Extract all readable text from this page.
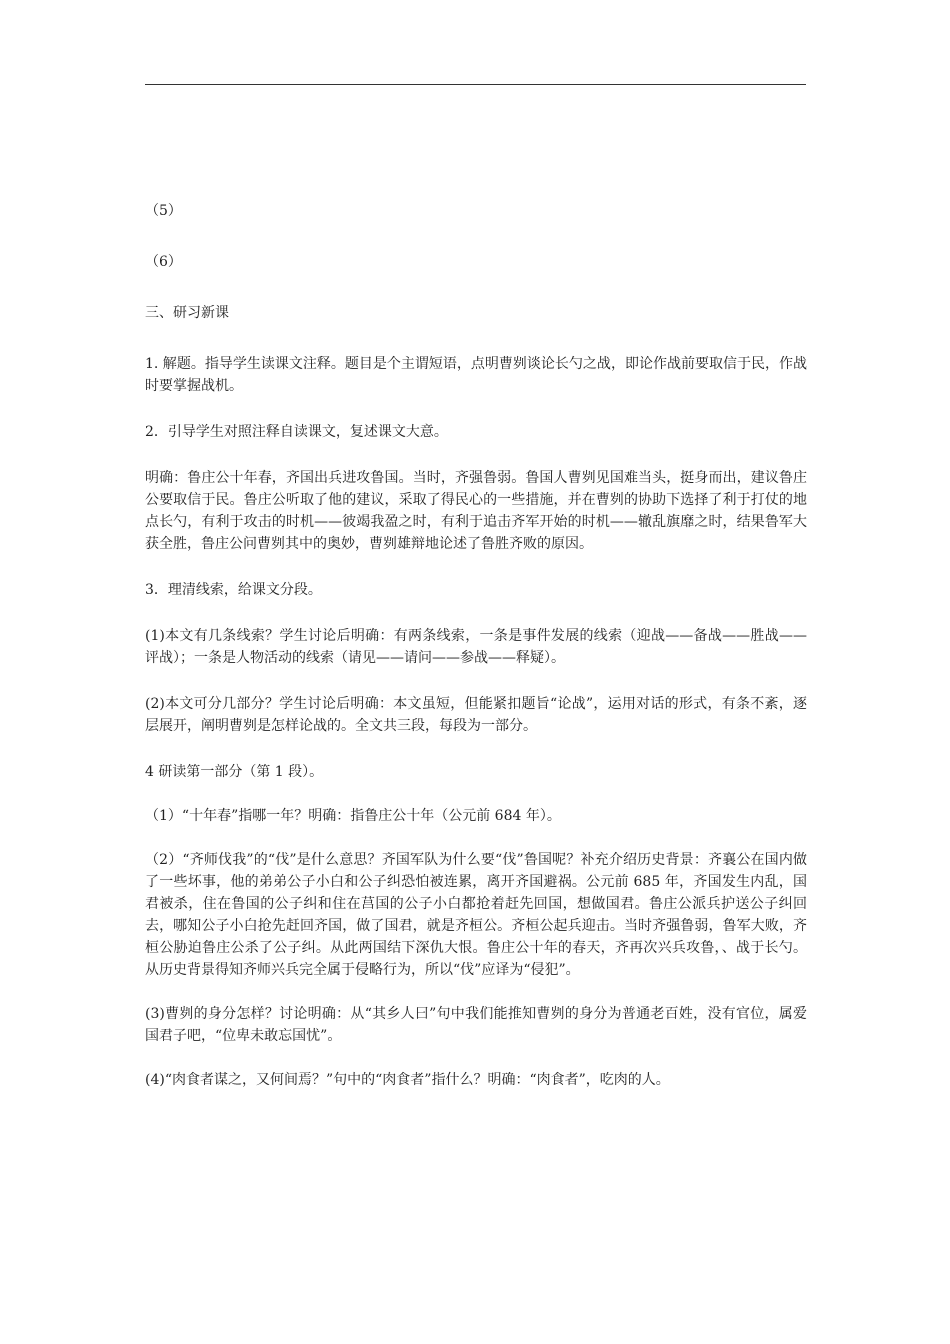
（5）

（6）

三、研习新课

1. 解题。指导学生读课文注释。题目是个主谓短语，点明曹刿谈论长勺之战，即论作战前要取信于民，作战时要掌握战机。

2．引导学生对照注释自读课文，复述课文大意。

明确：鲁庄公十年春，齐国出兵进攻鲁国。当时，齐强鲁弱。鲁国人曹刿见国难当头，挺身而出，建议鲁庄公要取信于民。鲁庄公听取了他的建议，采取了得民心的一些措施，并在曹刿的协助下选择了利于打仗的地点长勺，有利于攻击的时机——彼竭我盈之时，有利于追击齐军开始的时机——辙乱旗靡之时，结果鲁军大获全胜，鲁庄公问曹刿其中的奥妙，曹刿雄辩地论述了鲁胜齐败的原因。

3．理清线索，给课文分段。

(1)本文有几条线索？学生讨论后明确：有两条线索，一条是事件发展的线索（迎战——备战——胜战——评战）；一条是人物活动的线索（请见——请问——参战——释疑）。

(2)本文可分几部分？学生讨论后明确：本文虽短，但能紧扣题旨“论战”，运用对话的形式，有条不紊，逐层展开，阐明曹刿是怎样论战的。全文共三段，每段为一部分。

4 研读第一部分（第 1 段）。

（1）“十年春”指哪一年？明确：指鲁庄公十年（公元前 684 年）。

（2）“齐师伐我”的“伐”是什么意思？齐国军队为什么要“伐”鲁国呢？补充介绍历史背景：齐襄公在国内做了一些坏事，他的弟弟公子小白和公子纠恐怕被连累，离开齐国避祸。公元前 685 年，齐国发生内乱，国君被杀，住在鲁国的公子纠和住在莒国的公子小白都抢着赶先回国，想做国君。鲁庄公派兵护送公子纠回去，哪知公子小白抢先赶回齐国，做了国君，就是齐桓公。齐桓公起兵迎击。当时齐强鲁弱，鲁军大败，齐桓公胁迫鲁庄公杀了公子纠。从此两国结下深仇大恨。鲁庄公十年的春天，齐再次兴兵攻鲁，、战于长勺。从历史背景得知齐师兴兵完全属于侵略行为，所以“伐”应译为“侵犯”。

(3)曹刿的身分怎样？讨论明确：从“其乡人曰”句中我们能推知曹刿的身分为普通老百姓，没有官位，属爱国君子吧，“位卑未敢忘国忧”。

(4)“肉食者谋之，又何间焉？”句中的“肉食者”指什么？明确：“肉食者”，吃肉的人。
